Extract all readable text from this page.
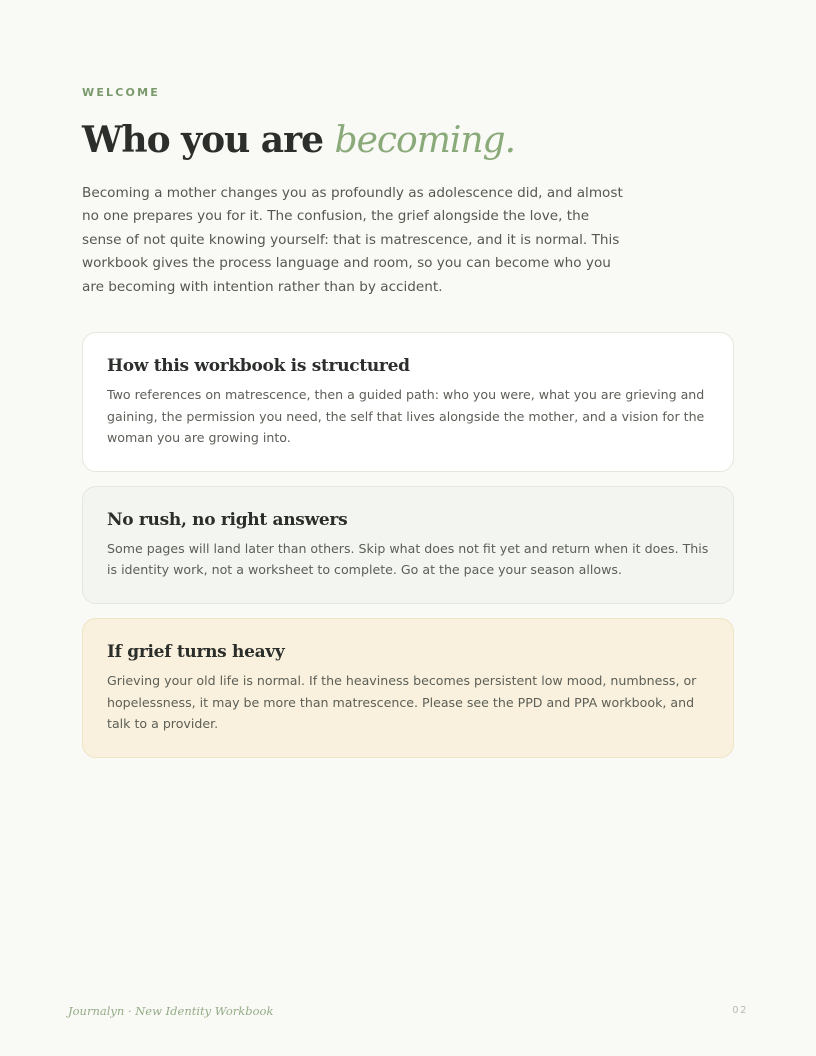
WELCOME

Who you are becoming.

Becoming a mother changes you as profoundly as adolescence did, and almost no one prepares you for it. The confusion, the grief alongside the love, the sense of not quite knowing yourself: that is matrescence, and it is normal. This workbook gives the process language and room, so you can become who you are becoming with intention rather than by accident.

How this workbook is structured

Two references on matrescence, then a guided path: who you were, what you are grieving and gaining, the permission you need, the self that lives alongside the mother, and a vision for the woman you are growing into.

No rush, no right answers

Some pages will land later than others. Skip what does not fit yet and return when it does. This is identity work, not a worksheet to complete. Go at the pace your season allows.

If grief turns heavy

Grieving your old life is normal. If the heaviness becomes persistent low mood, numbness, or hopelessness, it may be more than matrescence. Please see the PPD and PPA workbook, and talk to a provider.

Journalyn · New Identity Workbook	02
